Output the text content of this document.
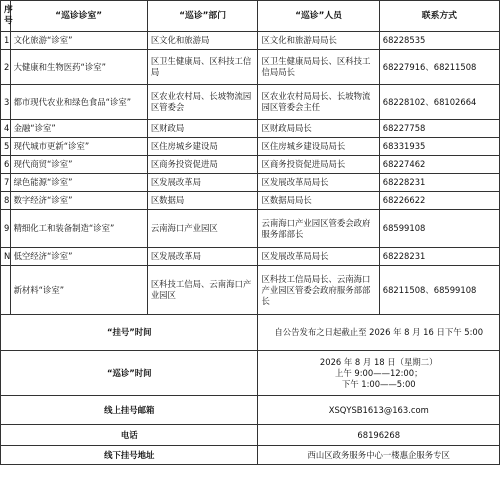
序号	“巡诊诊室”	“巡诊”部门	“巡诊”人员	联系方式
1	文化旅游“诊室”	区文化和旅游局	区文化和旅游局局长	68228535
2	大健康和生物医药“诊室”	区卫生健康局、区科技工信局	区卫生健康局局长、区科技工信局局长	68227916、68211508
3	都市现代农业和绿色食品“诊室”	区农业农村局、长坡物流园区管委会	区农业农村局局长、长坡物流园区管委会主任	68228102、68102664
4	金融“诊室”	区财政局	区财政局局长	68227758
5	现代城市更新“诊室”	区住房城乡建设局	区住房城乡建设局局长	68331935
6	现代商贸“诊室”	区商务投资促进局	区商务投资促进局局长	68227462
7	绿色能源“诊室”	区发展改革局	区发展改革局局长	68228231
8	数字经济“诊室”	区数据局	区数据局局长	68226622
9	精细化工和装备制造“诊室”	云南海口产业园区	云南海口产业园区管委会政府服务部部长	68599108
N	低空经济“诊室”	区发展改革局	区发展改革局局长	68228231
	新材料“诊室”	区科技工信局、云南海口产业园区	区科技工信局局长、云南海口产业园区管委会政府服务部部长	68211508、68599108
“挂号”时间			自公告发布之日起截止至 2026 年 8 月 16 日下午 5:00	
“巡诊”时间			2026 年 8 月 18 日（星期二）
上午 9:00——12:00；
下午 1:00——5:00	

线上挂号邮箱			XSQYSB1613@163.com	
电话			68196268	
线下挂号地址			西山区政务服务中心一楼惠企服务专区	
